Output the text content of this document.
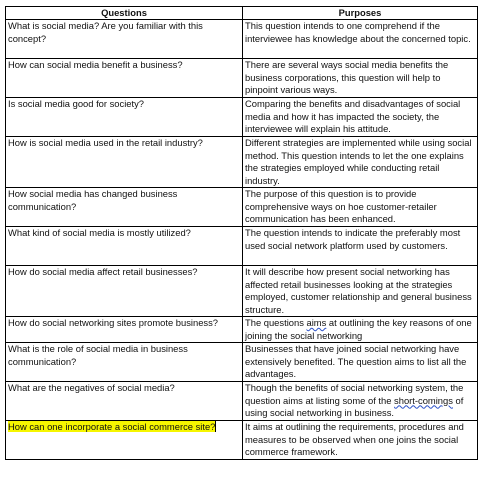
Questions	Purposes
What is social media? Are you familiar with this concept?	This question intends to one comprehend if the interviewee has knowledge about the concerned topic.
How can social media benefit a business?	There are several ways social media benefits the business corporations, this question will help to pinpoint various ways.
Is social media good for society?	Comparing the benefits and disadvantages of social media and how it has impacted the society, the interviewee will explain his attitude.
How is social media used in the retail industry?	Different strategies are implemented while using social method. This question intends to let the one explains the strategies employed while conducting retail industry.
How social media has changed business communication?	The purpose of this question is to provide comprehensive ways on hoe customer-retailer communication has been enhanced.
What kind of social media is mostly utilized?	The question intends to indicate the preferably most used social network platform used by customers.
How do social media affect retail businesses?	It will describe how present social networking has affected retail businesses looking at the strategies employed, customer relationship and general business structure.
How do social networking sites promote business?	The questions aims at outlining the key reasons of one joining the social networking
What is the role of social media in business communication?	Businesses that have joined social networking have extensively benefited. The question aims to list all the advantages.
What are the negatives of social media?	Though the benefits of social networking system, the question aims at listing some of the short-comings of using social networking in business.
How can one incorporate a social commerce site?	It aims at outlining the requirements, procedures and measures to be observed when one joins the social commerce framework.
